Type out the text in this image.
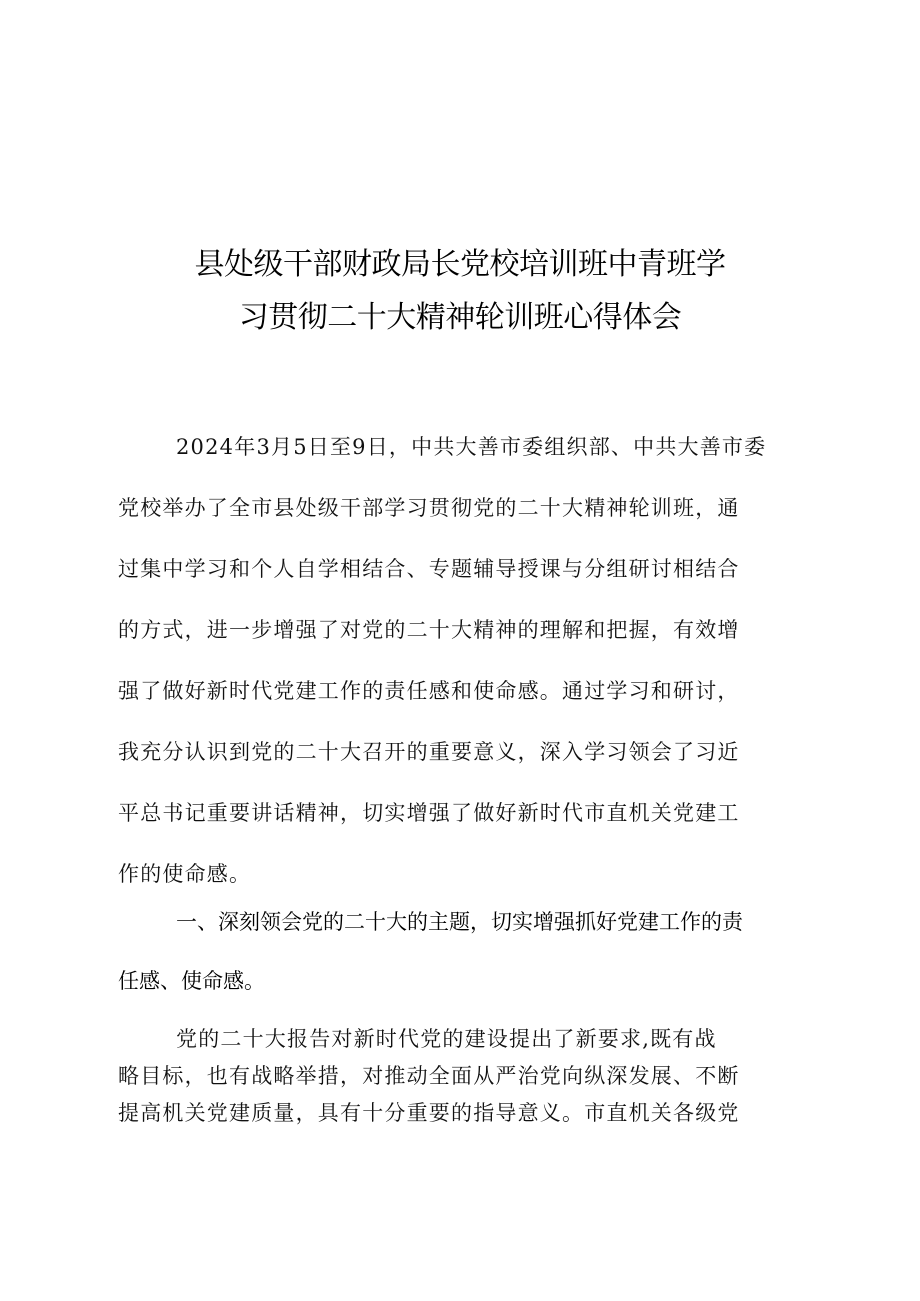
县处级干部财政局长党校培训班中青班学
习贯彻二十大精神轮训班心得体会
2024年3月5日至9日，中共大善市委组织部、中共大善市委
党校举办了全市县处级干部学习贯彻党的二十大精神轮训班，通
过集中学习和个人自学相结合、专题辅导授课与分组研讨相结合
的方式，进一步增强了对党的二十大精神的理解和把握，有效增
强了做好新时代党建工作的责任感和使命感。通过学习和研讨，
我充分认识到党的二十大召开的重要意义，深入学习领会了习近
平总书记重要讲话精神，切实增强了做好新时代市直机关党建工
作的使命感。
一、深刻领会党的二十大的主题，切实增强抓好党建工作的责
任感、使命感。
党的二十大报告对新时代党的建设提出了新要求,既有战
略目标，也有战略举措，对推动全面从严治党向纵深发展、不断
提高机关党建质量，具有十分重要的指导意义。市直机关各级党
